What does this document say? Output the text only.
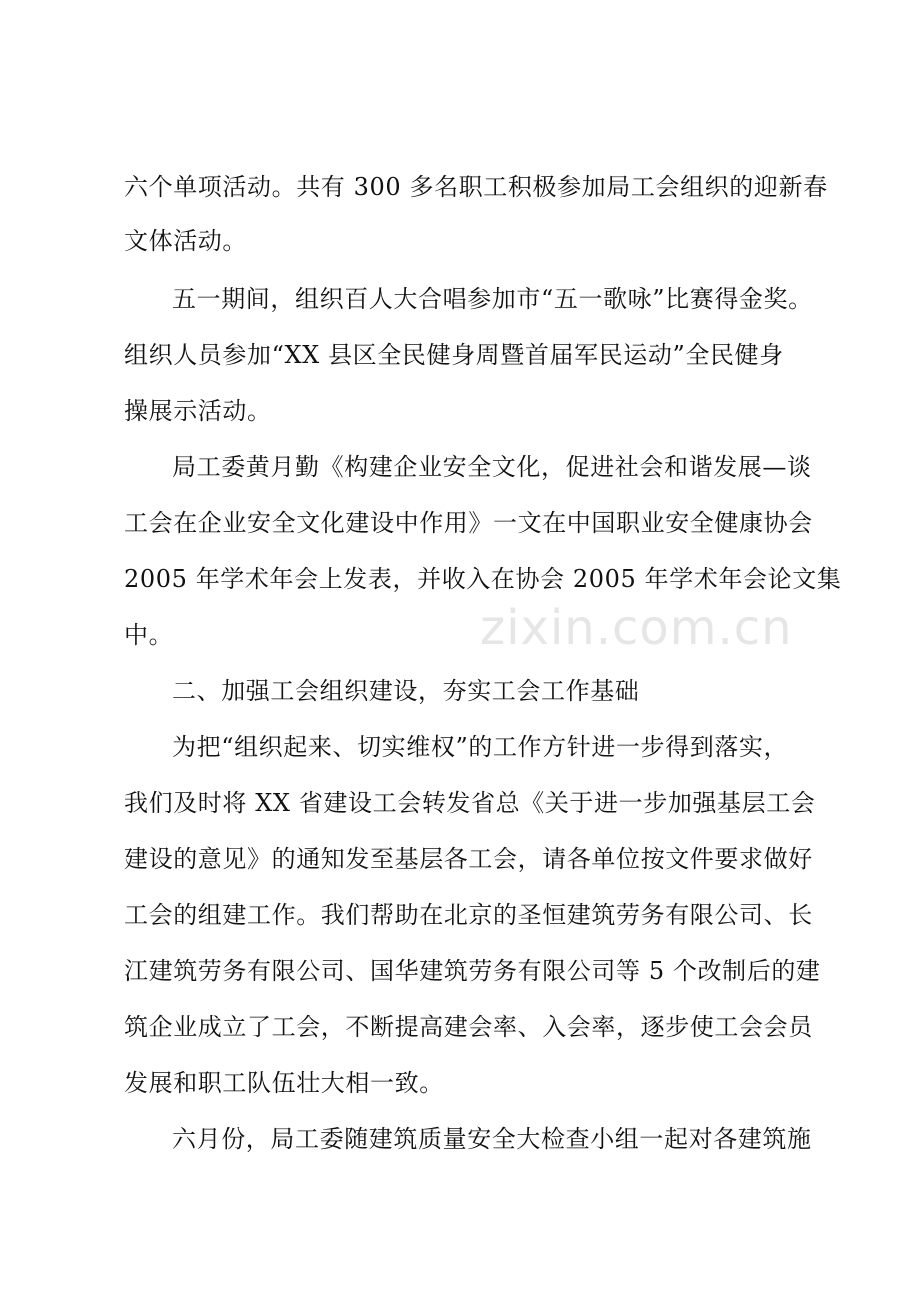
zixin.com.cn
六个单项活动。共有 300 多名职工积极参加局工会组织的迎新春
文体活动。
五一期间，组织百人大合唱参加市“五一歌咏”比赛得金奖。
组织人员参加“XX 县区全民健身周暨首届军民运动”全民健身
操展示活动。
局工委黄月勤《构建企业安全文化，促进社会和谐发展—谈
工会在企业安全文化建设中作用》一文在中国职业安全健康协会
2005 年学术年会上发表，并收入在协会 2005 年学术年会论文集
中。
二、加强工会组织建设，夯实工会工作基础
为把“组织起来、切实维权”的工作方针进一步得到落实，
我们及时将 XX 省建设工会转发省总《关于进一步加强基层工会
建设的意见》的通知发至基层各工会，请各单位按文件要求做好
工会的组建工作。我们帮助在北京的圣恒建筑劳务有限公司、长
江建筑劳务有限公司、国华建筑劳务有限公司等 5 个改制后的建
筑企业成立了工会，不断提高建会率、入会率，逐步使工会会员
发展和职工队伍壮大相一致。
六月份，局工委随建筑质量安全大检查小组一起对各建筑施
